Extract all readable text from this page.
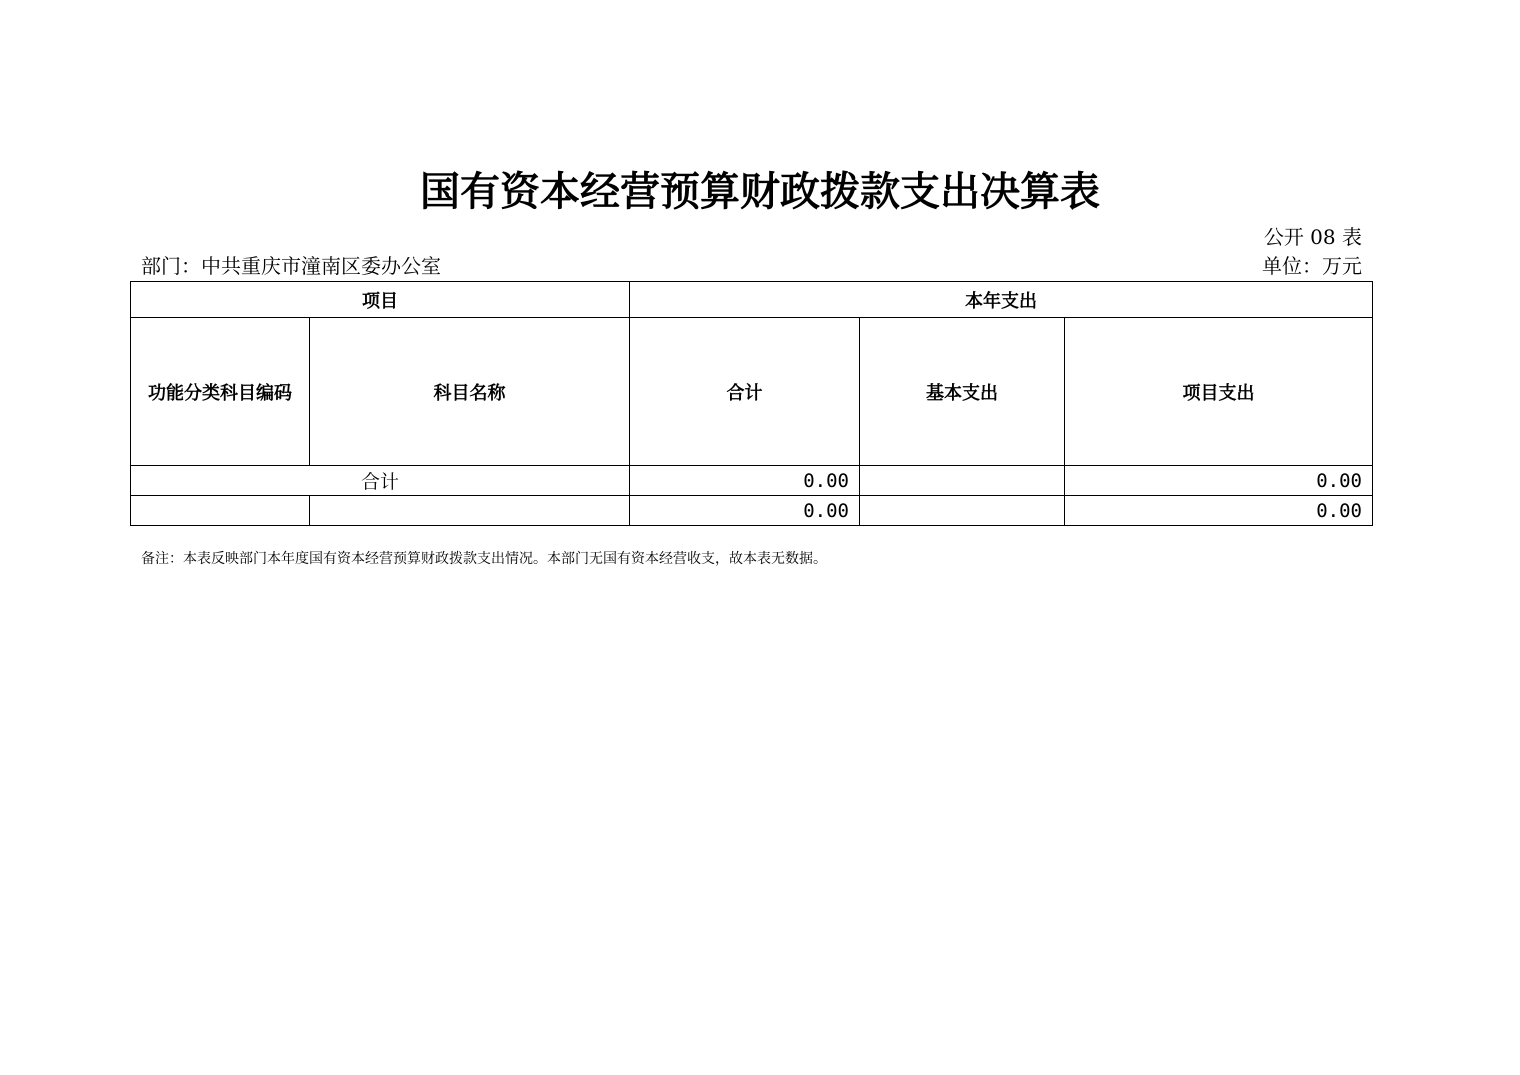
国有资本经营预算财政拨款支出决算表
公开 08 表
部门：中共重庆市潼南区委办公室	单位：万元
项目		本年支出		
功能分类科目编码	科目名称	合计	基本支出	项目支出
合计		0.00		0.00
		0.00		0.00
备注：本表反映部门本年度国有资本经营预算财政拨款支出情况。本部门无国有资本经营收支，故本表无数据。
